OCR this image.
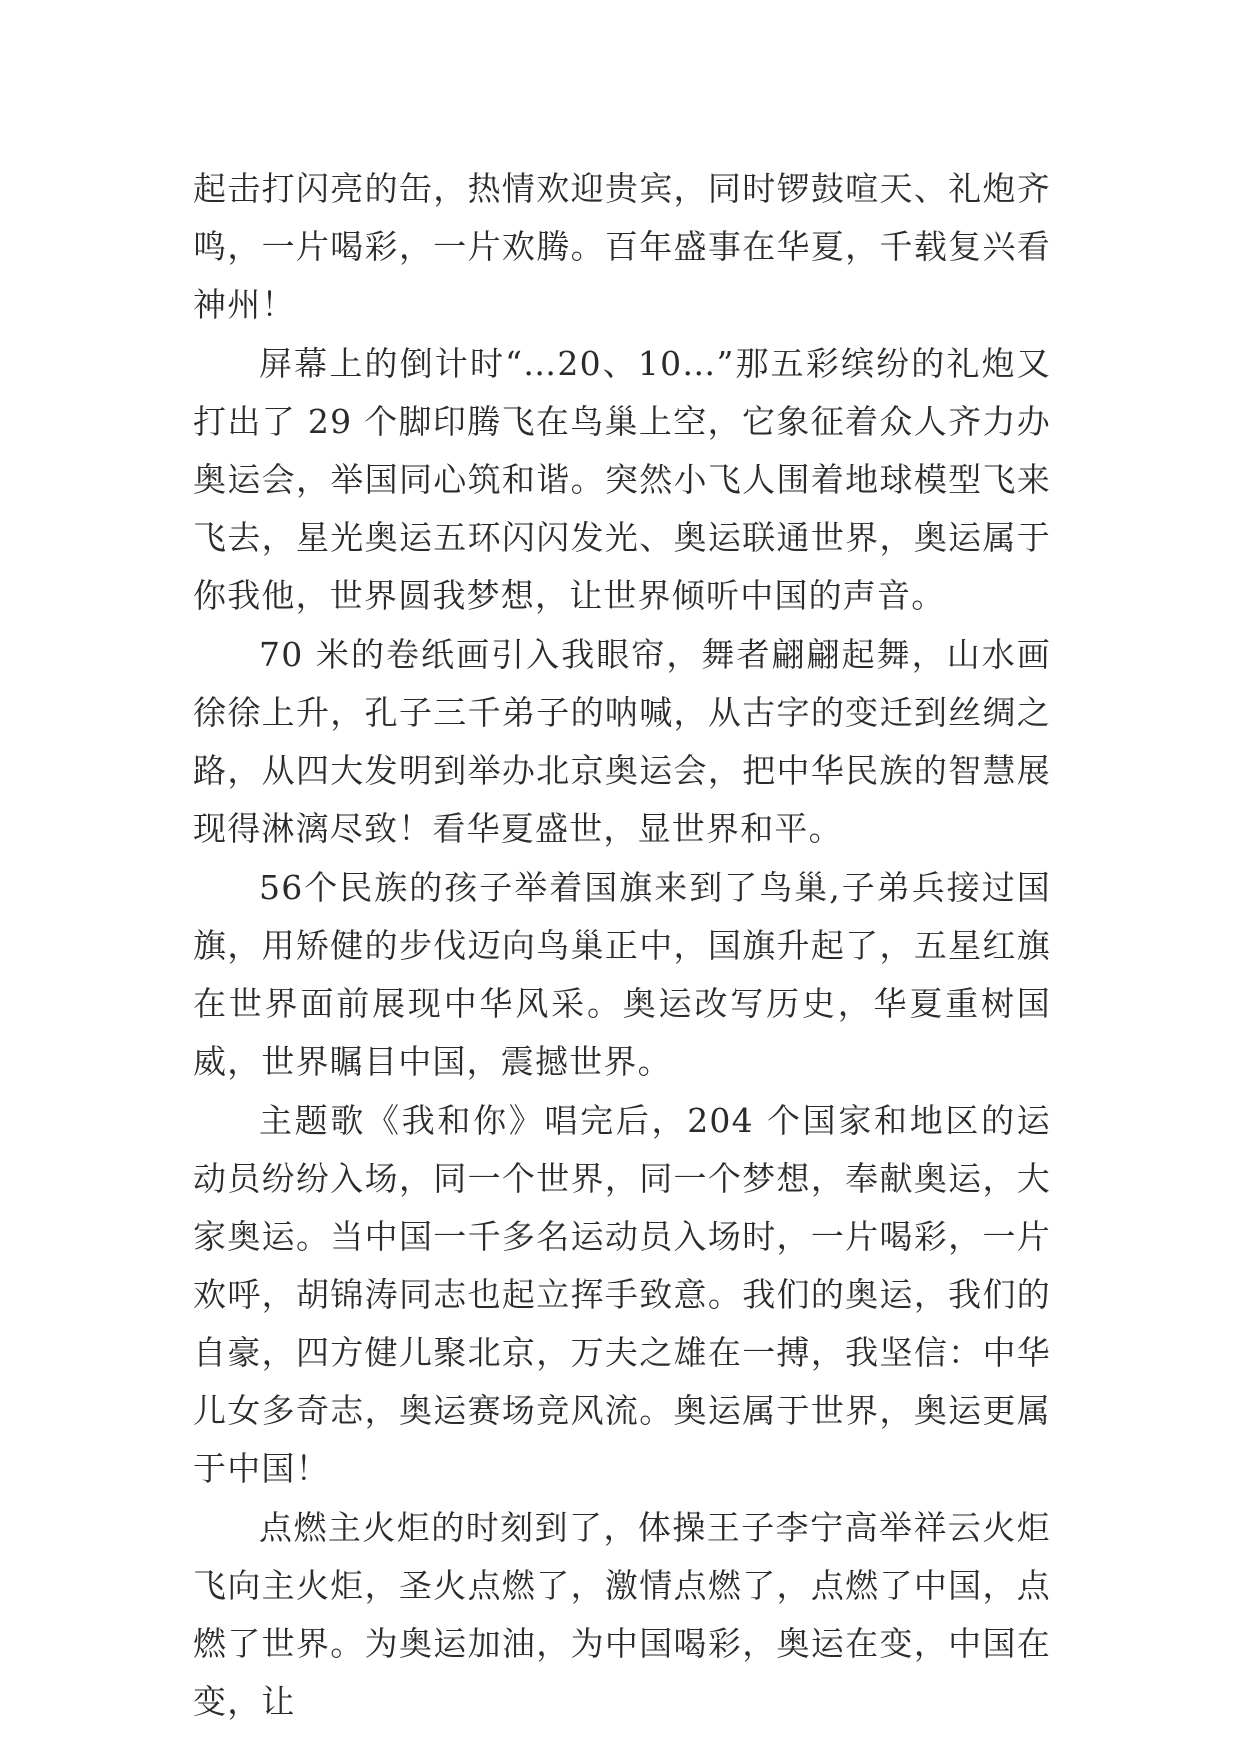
起击打闪亮的缶，热情欢迎贵宾，同时锣鼓喧天、礼炮齐鸣，一片喝彩，一片欢腾。百年盛事在华夏，千载复兴看神州！

屏幕上的倒计时“…20、10…”那五彩缤纷的礼炮又打出了 29 个脚印腾飞在鸟巢上空，它象征着众人齐力办奥运会，举国同心筑和谐。突然小飞人围着地球模型飞来飞去，星光奥运五环闪闪发光、奥运联通世界，奥运属于你我他，世界圆我梦想，让世界倾听中国的声音。

70 米的卷纸画引入我眼帘，舞者翩翩起舞，山水画徐徐上升，孔子三千弟子的呐喊，从古字的变迁到丝绸之路，从四大发明到举办北京奥运会，把中华民族的智慧展现得淋漓尽致！看华夏盛世，显世界和平。

56个民族的孩子举着国旗来到了鸟巢,子弟兵接过国旗，用矫健的步伐迈向鸟巢正中，国旗升起了，五星红旗在世界面前展现中华风采。奥运改写历史，华夏重树国威，世界瞩目中国，震撼世界。

主题歌《我和你》唱完后，204 个国家和地区的运动员纷纷入场，同一个世界，同一个梦想，奉献奥运，大家奥运。当中国一千多名运动员入场时，一片喝彩，一片欢呼，胡锦涛同志也起立挥手致意。我们的奥运，我们的自豪，四方健儿聚北京，万夫之雄在一搏，我坚信：中华儿女多奇志，奥运赛场竞风流。奥运属于世界，奥运更属于中国！

点燃主火炬的时刻到了，体操王子李宁高举祥云火炬飞向主火炬，圣火点燃了，激情点燃了，点燃了中国，点燃了世界。为奥运加油，为中国喝彩，奥运在变，中国在变，让
